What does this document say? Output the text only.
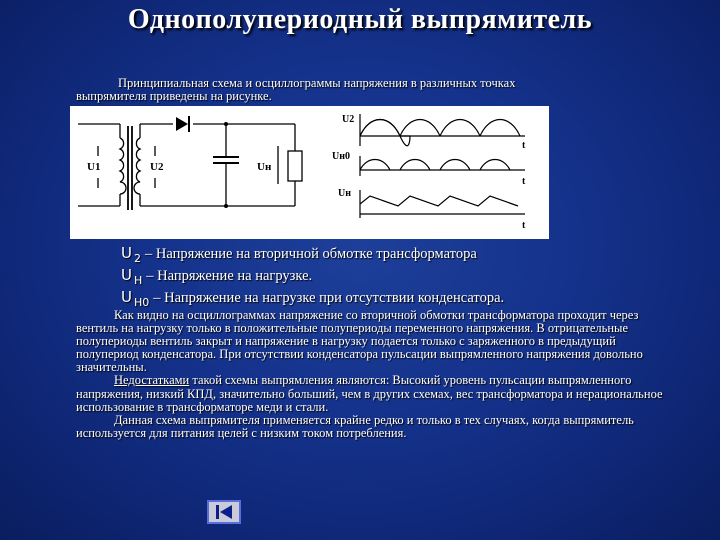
Однополупериодный выпрямитель
Принципиальная схема и осциллограммы напряжения в различных точках
выпрямителя приведены на рисунке.
U1	U2	Uн
U2
Uн0
Uн
t
t
t
U $_2$ – Напряжение на вторичной обмотке трансформатора
U $_Н$ – Напряжение на нагрузке.
U $_{Н0}$ – Напряжение на нагрузке при отсутствии конденсатора.

Как видно на осциллограммах напряжение со вторичной обмотки трансформатора проходит через вентиль на нагрузку только в положительные полупериоды переменного напряжения. В отрицательные полупериоды вентиль закрыт и напряжение в нагрузку подается только с заряженного в предыдущий полупериод конденсатора. При отсутствии конденсатора пульсации выпрямленного напряжения довольно значительны.

Недостатками такой схемы выпрямления являются: Высокий уровень пульсации выпрямленного напряжения, низкий КПД, значительно больший, чем в других схемах, вес трансформатора и нерациональное использование в трансформаторе меди и стали.

Данная схема выпрямителя применяется крайне редко и только в тех случаях, когда выпрямитель используется для питания целей с низким током потребления.
